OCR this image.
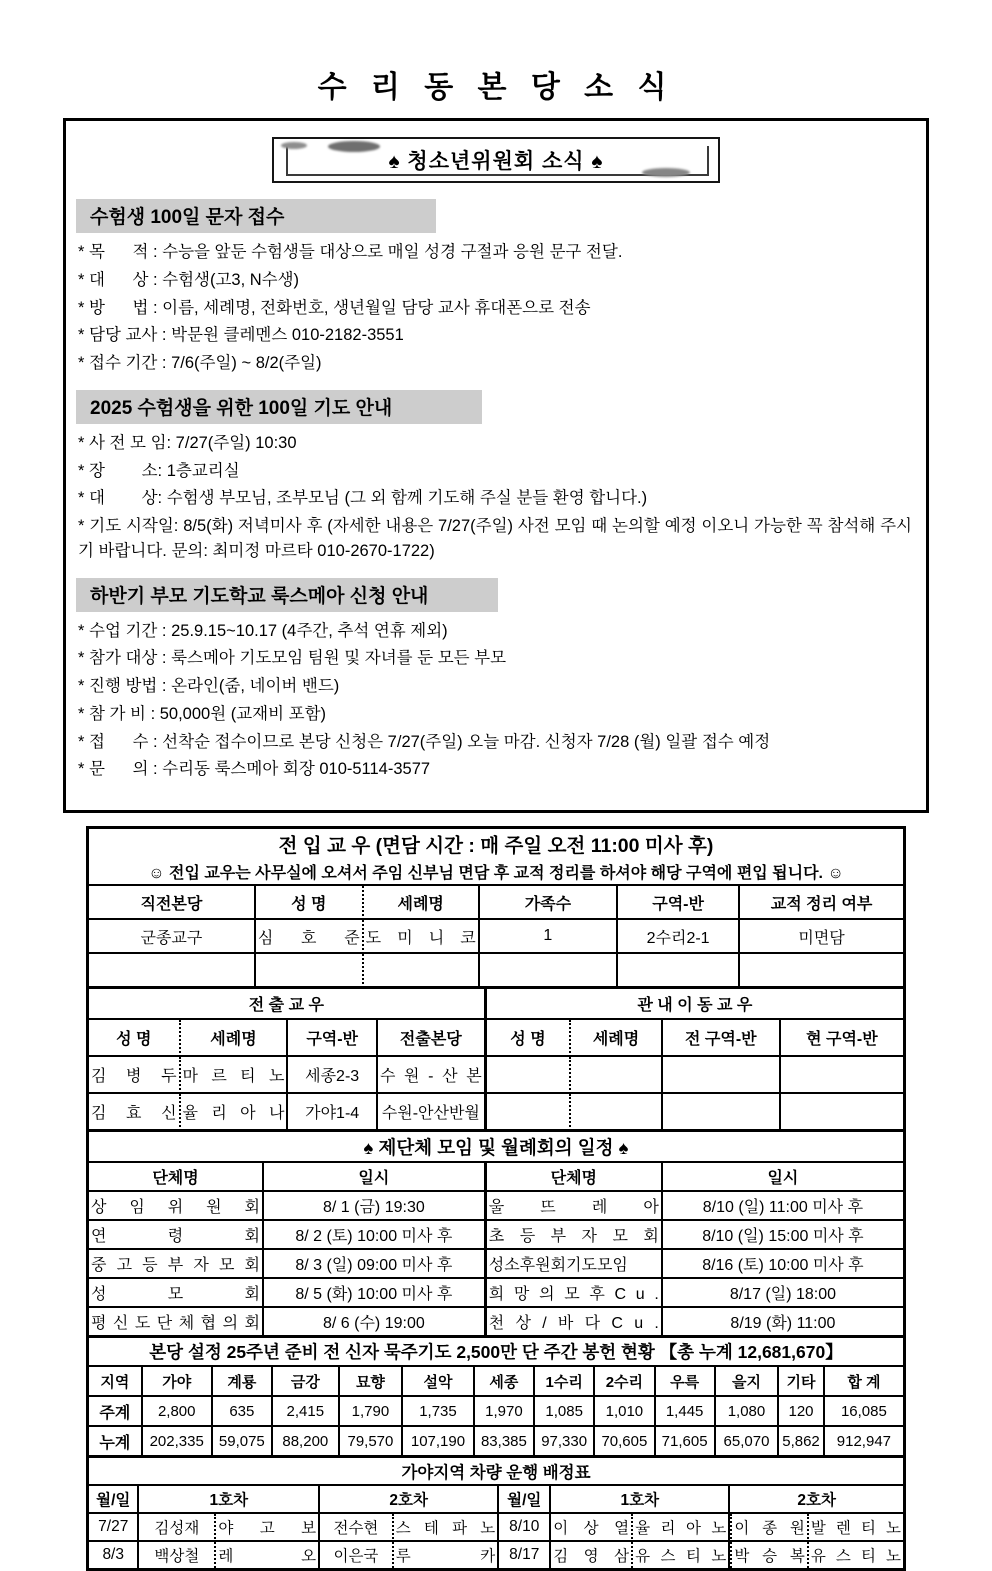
수 리 동 본 당 소 식
♠ 청소년위원회 소식 ♠
수험생 100일 문자 접수
* 목      적 : 수능을 앞둔 수험생들 대상으로 매일 성경 구절과 응원 문구 전달.
* 대      상 : 수험생(고3, N수생)
* 방      법 : 이름, 세례명, 전화번호, 생년월일 담당 교사 휴대폰으로 전송
* 담당 교사 : 박문원 클레멘스 010-2182-3551
* 접수 기간 : 7/6(주일) ~ 8/2(주일)
2025 수험생을 위한 100일 기도 안내
* 사 전 모 임: 7/27(주일) 10:30
* 장        소: 1층교리실
* 대        상: 수험생 부모님, 조부모님 (그 외 함께 기도해 주실 분들 환영 합니다.)
* 기도 시작일: 8/5(화) 저녁미사 후 (자세한 내용은 7/27(주일) 사전 모임 때 논의할 예정 이오니 가능한 꼭 참석해 주시기 바랍니다. 문의: 최미정 마르타 010-2670-1722)
하반기 부모 기도학교 룩스메아 신청 안내
* 수업 기간 : 25.9.15~10.17 (4주간, 추석 연휴 제외)
* 참가 대상 : 룩스메아 기도모임 팀원 및 자녀를 둔 모든 부모
* 진행 방법 : 온라인(줌, 네이버 밴드)
* 참 가 비 : 50,000원 (교재비 포함)
* 접      수 : 선착순 접수이므로 본당 신청은 7/27(주일) 오늘 마감. 신청자 7/28 (월) 일괄 접수 예정
* 문      의 : 수리동 룩스메아 회장 010-5114-3577
전 입 교 우 (면담 시간 : 매 주일 오전 11:00 미사 후)					
☺ 전입 교우는 사무실에 오셔서 주임 신부님 면담 후 교적 정리를 하셔야 해당 구역에 편입 됩니다. ☺					
직전본당	성 명	세례명	가족수	구역-반	교적 정리 여부
군종교구	심 호 준	도 미 니 코	1	2수리2-1	미면담

전 출 교 우				관 내 이 동 교 우			
성 명	세례명	구역-반	전출본당	성 명	세례명	전 구역-반	현 구역-반
김 병 두	마 르 티 노	세종2-3	수 원 - 산 본				
김 효 신	율 리 아 나	가야1-4	수원-안산반월				
♠ 제단체 모임 및 월례회의 일정 ♠			
단체명	일시	단체명	일시
상 임 위 원 회	8/ 1 (금) 19:30	울 뜨 레 아	8/10 (일) 11:00 미사 후
연 령 회	8/ 2 (토) 10:00 미사 후	초 등 부 자 모 회	8/10 (일) 15:00 미사 후
중 고 등 부 자 모 회	8/ 3 (일) 09:00 미사 후	성소후원회기도모임	8/16 (토) 10:00 미사 후
성 모 회	8/ 5 (화) 10:00 미사 후	희 망 의 모 후 C u .	8/17 (일) 18:00
평 신 도 단 체 협 의 회	8/ 6 (수) 19:00	천 상 / 바 다 C u .	8/19 (화) 11:00
본당 설정 25주년 준비 전 신자 묵주기도 2,500만 단 주간 봉헌 현황 【총 누계 12,681,670】												
지역	가야	계룡	금강	묘향	설악	세종	1수리	2수리	우륵	을지	기타	합 계
주계	2,800	635	2,415	1,790	1,735	1,970	1,085	1,010	1,445	1,080	120	16,085
누계	202,335	59,075	88,200	79,570	107,190	83,385	97,330	70,605	71,605	65,070	5,862	912,947
가야지역 차량 운행 배정표									
월/일	1호차		2호차		월/일	1호차		2호차	
7/27	김성재	야 고 보	전수현	스 테 파 노	8/10	이 상 열	율 리 아 노	이 종 원	발 렌 티 노
8/3	백상철	레 오	이은국	루 카	8/17	김 영 삼	유 스 티 노	박 승 복	유 스 티 노
